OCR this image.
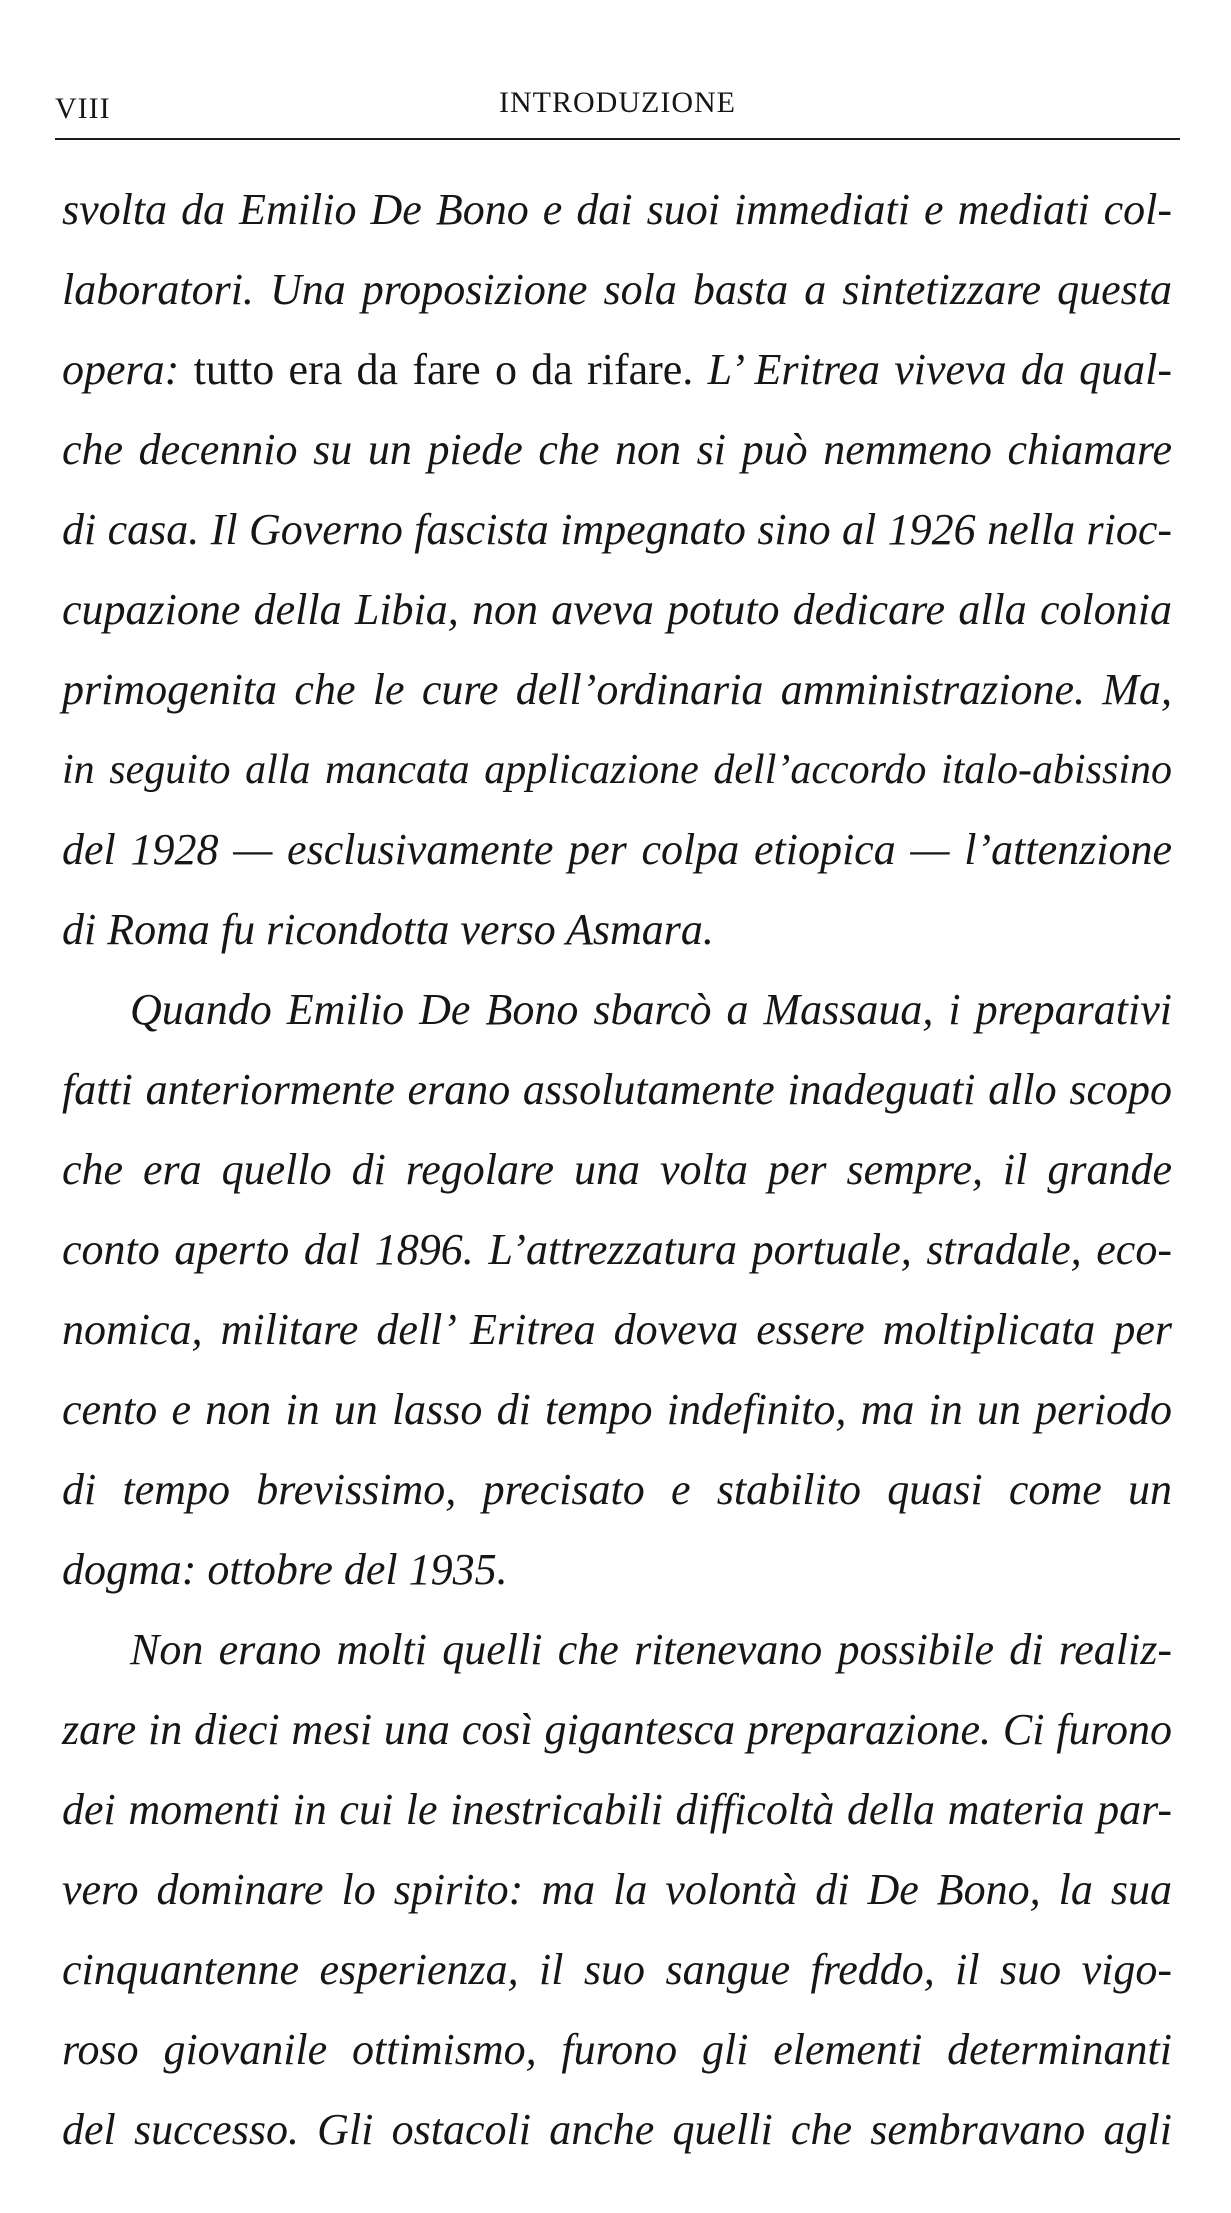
VIII	INTRODUZIONE
svolta da Emilio De Bono e dai suoi immediati e mediati col-
laboratori. Una proposizione sola basta a sintetizzare questa
opera: tutto era da fare o da rifare. L’ Eritrea viveva da qual-
che decennio su un piede che non si può nemmeno chiamare
di casa. Il Governo fascista impegnato sino al 1926 nella rioc-
cupazione della Libia, non aveva potuto dedicare alla colonia
primogenita che le cure dell’ordinaria amministrazione. Ma,
in seguito alla mancata applicazione dell’accordo italo-abissino
del 1928 — esclusivamente per colpa etiopica — l’attenzione
di Roma fu ricondotta verso Asmara.
Quando Emilio De Bono sbarcò a Massaua, i preparativi
fatti anteriormente erano assolutamente inadeguati allo scopo
che era quello di regolare una volta per sempre, il grande
conto aperto dal 1896. L’attrezzatura portuale, stradale, eco-
nomica, militare dell’ Eritrea doveva essere moltiplicata per
cento e non in un lasso di tempo indefinito, ma in un periodo
di tempo brevissimo, precisato e stabilito quasi come un
dogma: ottobre del 1935.
Non erano molti quelli che ritenevano possibile di realiz-
zare in dieci mesi una così gigantesca preparazione. Ci furono
dei momenti in cui le inestricabili difficoltà della materia par-
vero dominare lo spirito: ma la volontà di De Bono, la sua
cinquantenne esperienza, il suo sangue freddo, il suo vigo-
roso giovanile ottimismo, furono gli elementi determinanti
del successo. Gli ostacoli anche quelli che sembravano agli
